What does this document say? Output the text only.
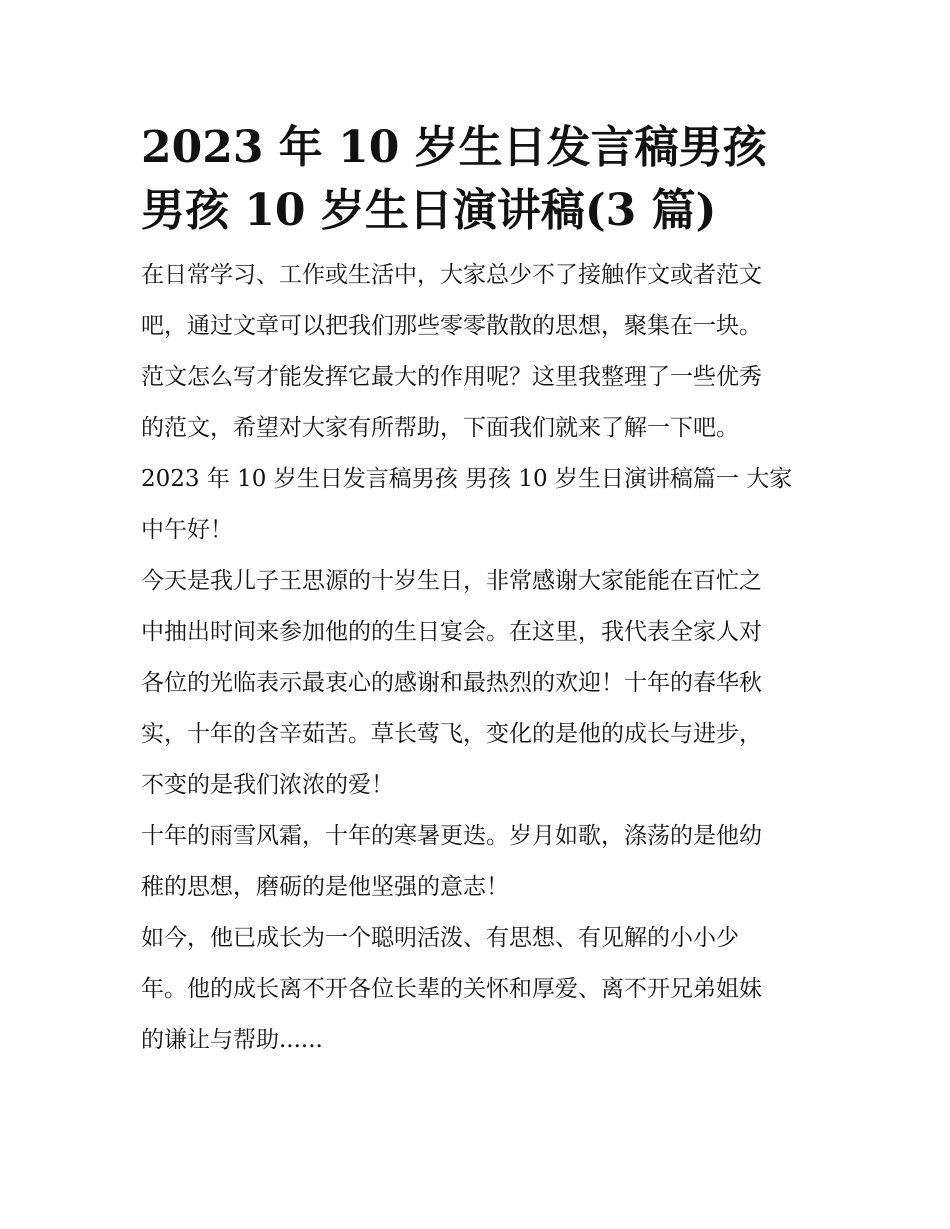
2023 年 10 岁生日发言稿男孩
男孩 10 岁生日演讲稿(3 篇)

在日常学习、工作或生活中，大家总少不了接触作文或者范文
吧，通过文章可以把我们那些零零散散的思想，聚集在一块。
范文怎么写才能发挥它最大的作用呢？这里我整理了一些优秀
的范文，希望对大家有所帮助，下面我们就来了解一下吧。

2023 年 10 岁生日发言稿男孩 男孩 10 岁生日演讲稿篇一 大家
中午好！

今天是我儿子王思源的十岁生日，非常感谢大家能能在百忙之
中抽出时间来参加他的的生日宴会。在这里，我代表全家人对
各位的光临表示最衷心的感谢和最热烈的欢迎！十年的春华秋
实，十年的含辛茹苦。草长莺飞，变化的是他的成长与进步，
不变的是我们浓浓的爱！

十年的雨雪风霜，十年的寒暑更迭。岁月如歌，涤荡的是他幼
稚的思想，磨砺的是他坚强的意志！

如今，他已成长为一个聪明活泼、有思想、有见解的小小少
年。他的成长离不开各位长辈的关怀和厚爱、离不开兄弟姐妹
的谦让与帮助......
